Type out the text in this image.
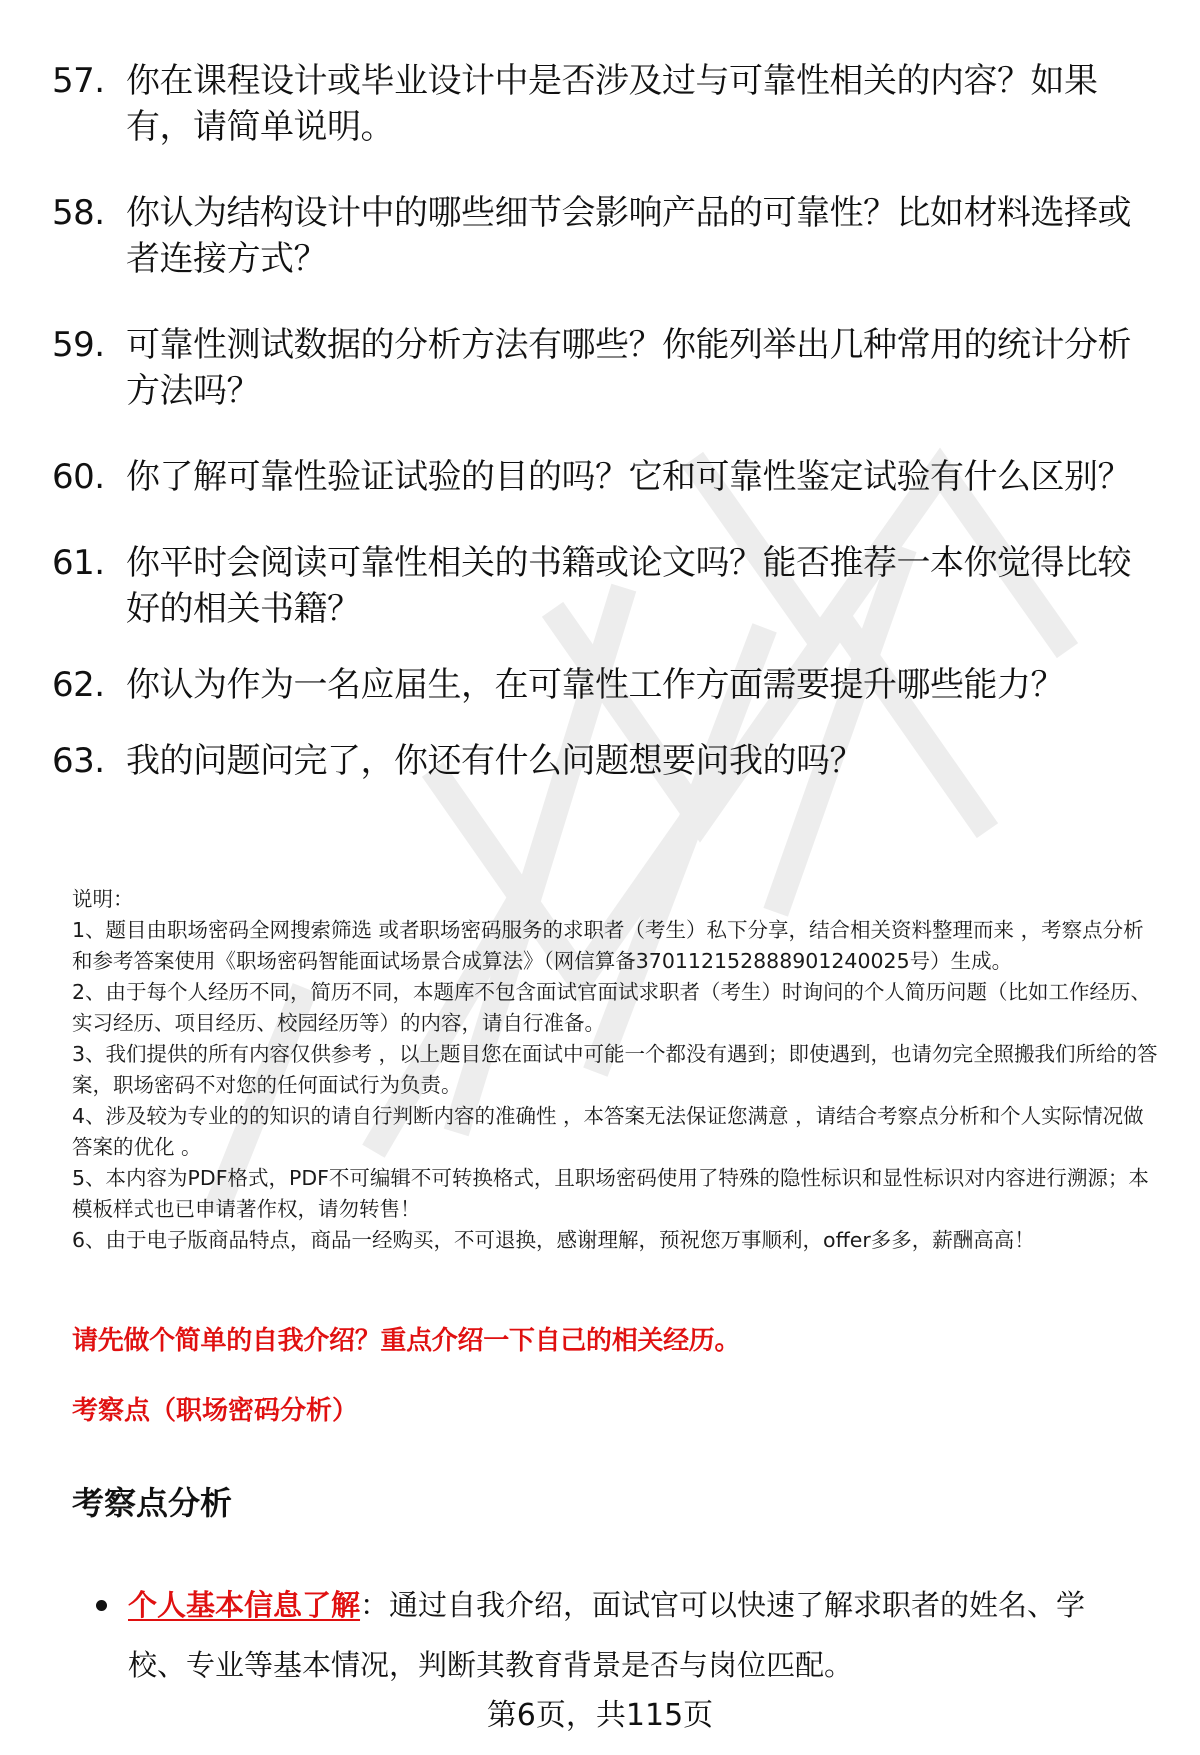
57. 你在课程设计或毕业设计中是否涉及过与可靠性相关的内容？如果有，请简单说明。
58. 你认为结构设计中的哪些细节会影响产品的可靠性？比如材料选择或者连接方式？
59. 可靠性测试数据的分析方法有哪些？你能列举出几种常用的统计分析方法吗？
60. 你了解可靠性验证试验的目的吗？它和可靠性鉴定试验有什么区别？
61. 你平时会阅读可靠性相关的书籍或论文吗？能否推荐一本你觉得比较好的相关书籍？
62. 你认为作为一名应届生，在可靠性工作方面需要提升哪些能力？
63. 我的问题问完了，你还有什么问题想要问我的吗？

说明：

1、题目由职场密码全网搜索筛选 或者职场密码服务的求职者（考生）私下分享，结合相关资料整理而来 ，考察点分析和参考答案使用《职场密码智能面试场景合成算法》（网信算备370112152888901240025号）生成。

2、由于每个人经历不同，简历不同，本题库不包含面试官面试求职者（考生）时询问的个人简历问题（比如工作经历、实习经历、项目经历、校园经历等）的内容，请自行准备。

3、我们提供的所有内容仅供参考 ，以上题目您在面试中可能一个都没有遇到；即使遇到，也请勿完全照搬我们所给的答案，职场密码不对您的任何面试行为负责。

4、涉及较为专业的的知识的请自行判断内容的准确性 ，本答案无法保证您满意 ，请结合考察点分析和个人实际情况做答案的优化 。

5、本内容为PDF格式，PDF不可编辑不可转换格式，且职场密码使用了特殊的隐性标识和显性标识对内容进行溯源；本模板样式也已申请著作权，请勿转售！

6、由于电子版商品特点，商品一经购买，不可退换，感谢理解，预祝您万事顺利，offer多多，薪酬高高！

请先做个简单的自我介绍？重点介绍一下自己的相关经历。
考察点（职场密码分析）
考察点分析
个人基本信息了解：通过自我介绍，面试官可以快速了解求职者的姓名、学校、专业等基本情况，判断其教育背景是否与岗位匹配。
第6页，共115页
